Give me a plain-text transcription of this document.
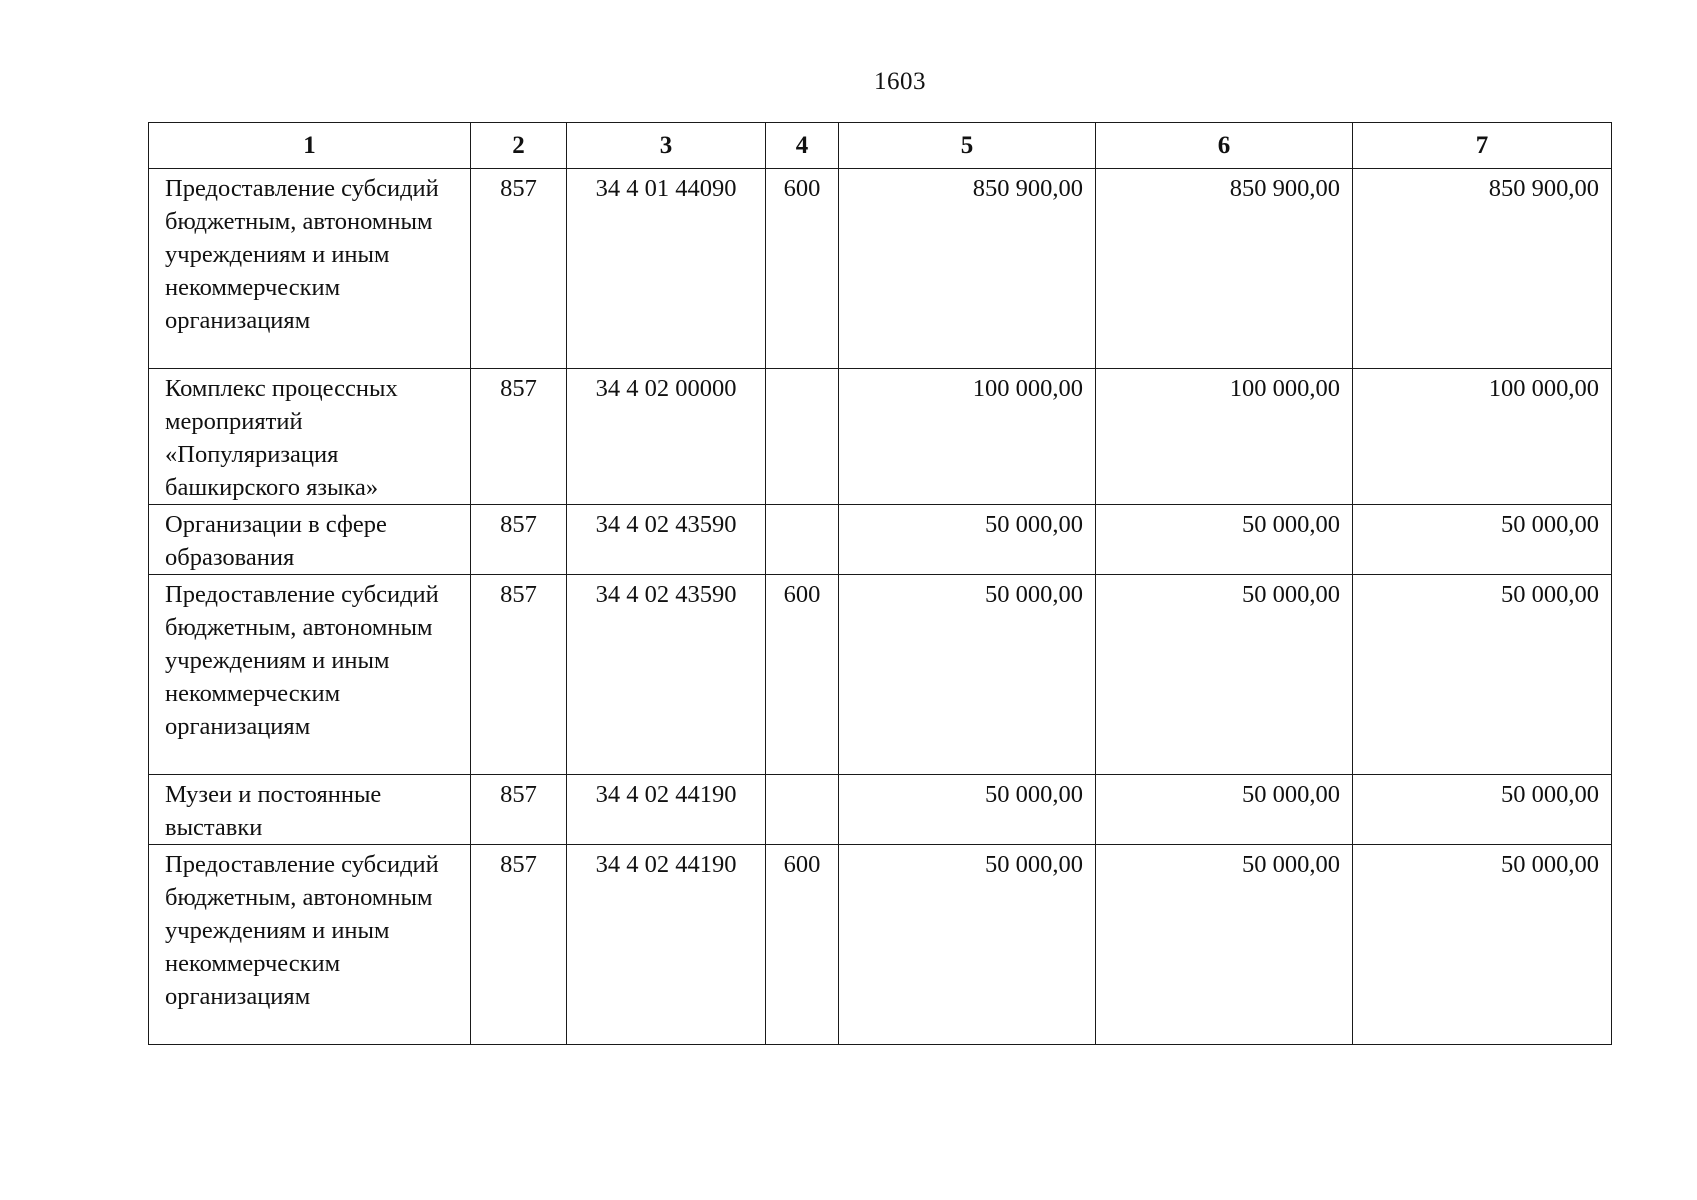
1603
1	2	3	4	5	6	7
Предоставление субсидий бюджетным, автономным учреждениям и иным некоммерческим организациям	857	34 4 01 44090	600	850 900,00	850 900,00	850 900,00
Комплекс процессных мероприятий «Популяризация башкирского языка»	857	34 4 02 00000		100 000,00	100 000,00	100 000,00
Организации в сфере образования	857	34 4 02 43590		50 000,00	50 000,00	50 000,00
Предоставление субсидий бюджетным, автономным учреждениям и иным некоммерческим организациям	857	34 4 02 43590	600	50 000,00	50 000,00	50 000,00
Музеи и постоянные выставки	857	34 4 02 44190		50 000,00	50 000,00	50 000,00
Предоставление субсидий бюджетным, автономным учреждениям и иным некоммерческим организациям	857	34 4 02 44190	600	50 000,00	50 000,00	50 000,00
